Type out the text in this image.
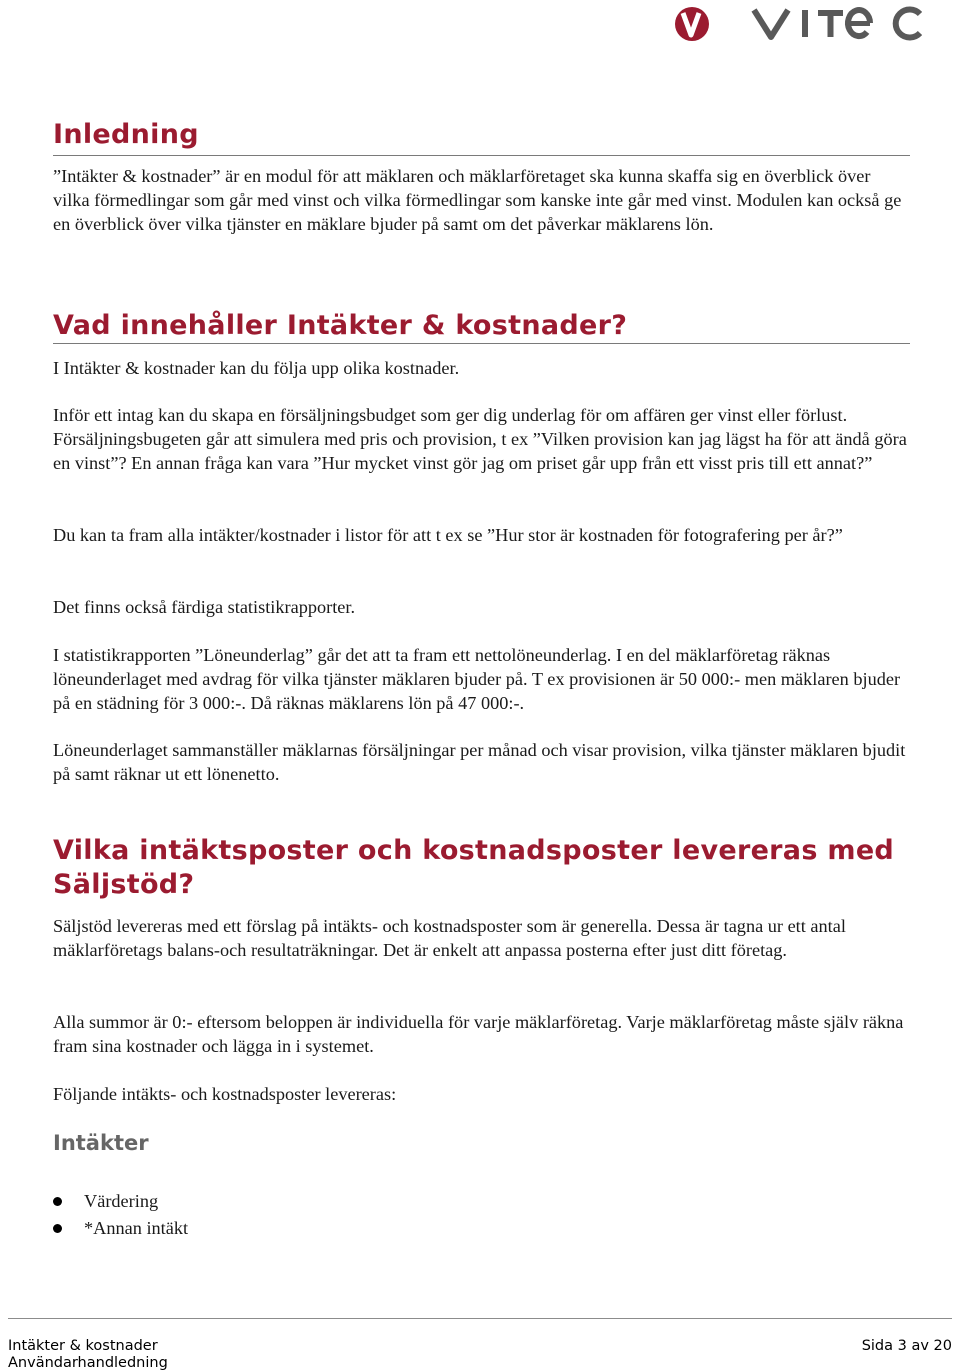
Inledning

”Intäkter & kostnader” är en modul för att mäklaren och mäklarföretaget ska kunna skaffa sig en överblick över vilka förmedlingar som går med vinst och vilka förmedlingar som kanske inte går med vinst. Modulen kan också ge en överblick över vilka tjänster en mäklare bjuder på samt om det påverkar mäklarens lön.

Vad innehåller Intäkter & kostnader?

I Intäkter & kostnader kan du följa upp olika kostnader.

Inför ett intag kan du skapa en försäljningsbudget som ger dig underlag för om affären ger vinst eller förlust. Försäljningsbugeten går att simulera med pris och provision, t ex ”Vilken provision kan jag lägst ha för att ändå göra en vinst”? En annan fråga kan vara ”Hur mycket vinst gör jag om priset går upp från ett visst pris till ett annat?”

Du kan ta fram alla intäkter/kostnader i listor för att t ex se ”Hur stor är kostnaden för fotografering per år?”

Det finns också färdiga statistikrapporter.

I statistikrapporten ”Löneunderlag” går det att ta fram ett nettolöneunderlag. I en del mäklarföretag räknas löneunderlaget med avdrag för vilka tjänster mäklaren bjuder på. T ex provisionen är 50 000:- men mäklaren bjuder på en städning för 3 000:-. Då räknas mäklarens lön på 47 000:-.

Löneunderlaget sammanställer mäklarnas försäljningar per månad och visar provision, vilka tjänster mäklaren bjudit på samt räknar ut ett lönenetto.

Vilka intäktsposter och kostnadsposter levereras med Säljstöd?

Säljstöd levereras med ett förslag på intäkts- och kostnadsposter som är generella. Dessa är tagna ur ett antal mäklarföretags balans-och resultaträkningar. Det är enkelt att anpassa posterna efter just ditt företag.

Alla summor är 0:- eftersom beloppen är individuella för varje mäklarföretag. Varje mäklarföretag måste själv räkna fram sina kostnader och lägga in i systemet.

Följande intäkts- och kostnadsposter levereras:

Intäkter
Värdering
*Annan intäkt
Intäkter & kostnader
Användarhandledning
Sida 3 av 20
